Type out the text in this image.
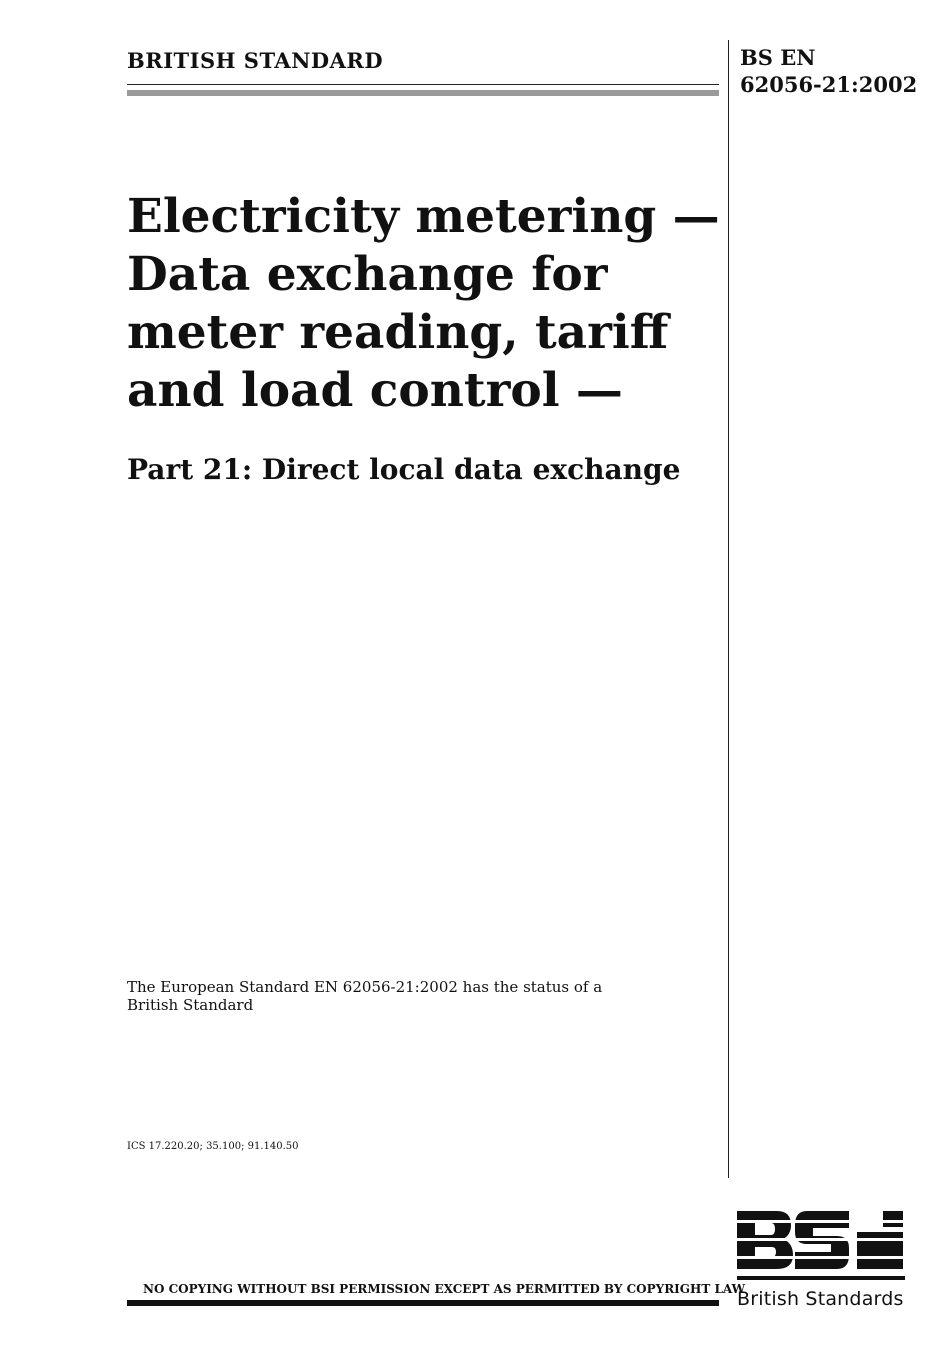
BRITISH STANDARD	BS EN
62056-21:2002
Electricity metering —
Data exchange for
meter reading, tariff
and load control —
Part 21: Direct local data exchange
The European Standard EN 62056-21:2002 has the status of a
British Standard
ICS 17.220.20; 35.100; 91.140.50
NO COPYING WITHOUT BSI PERMISSION EXCEPT AS PERMITTED BY COPYRIGHT LAW
British Standards
